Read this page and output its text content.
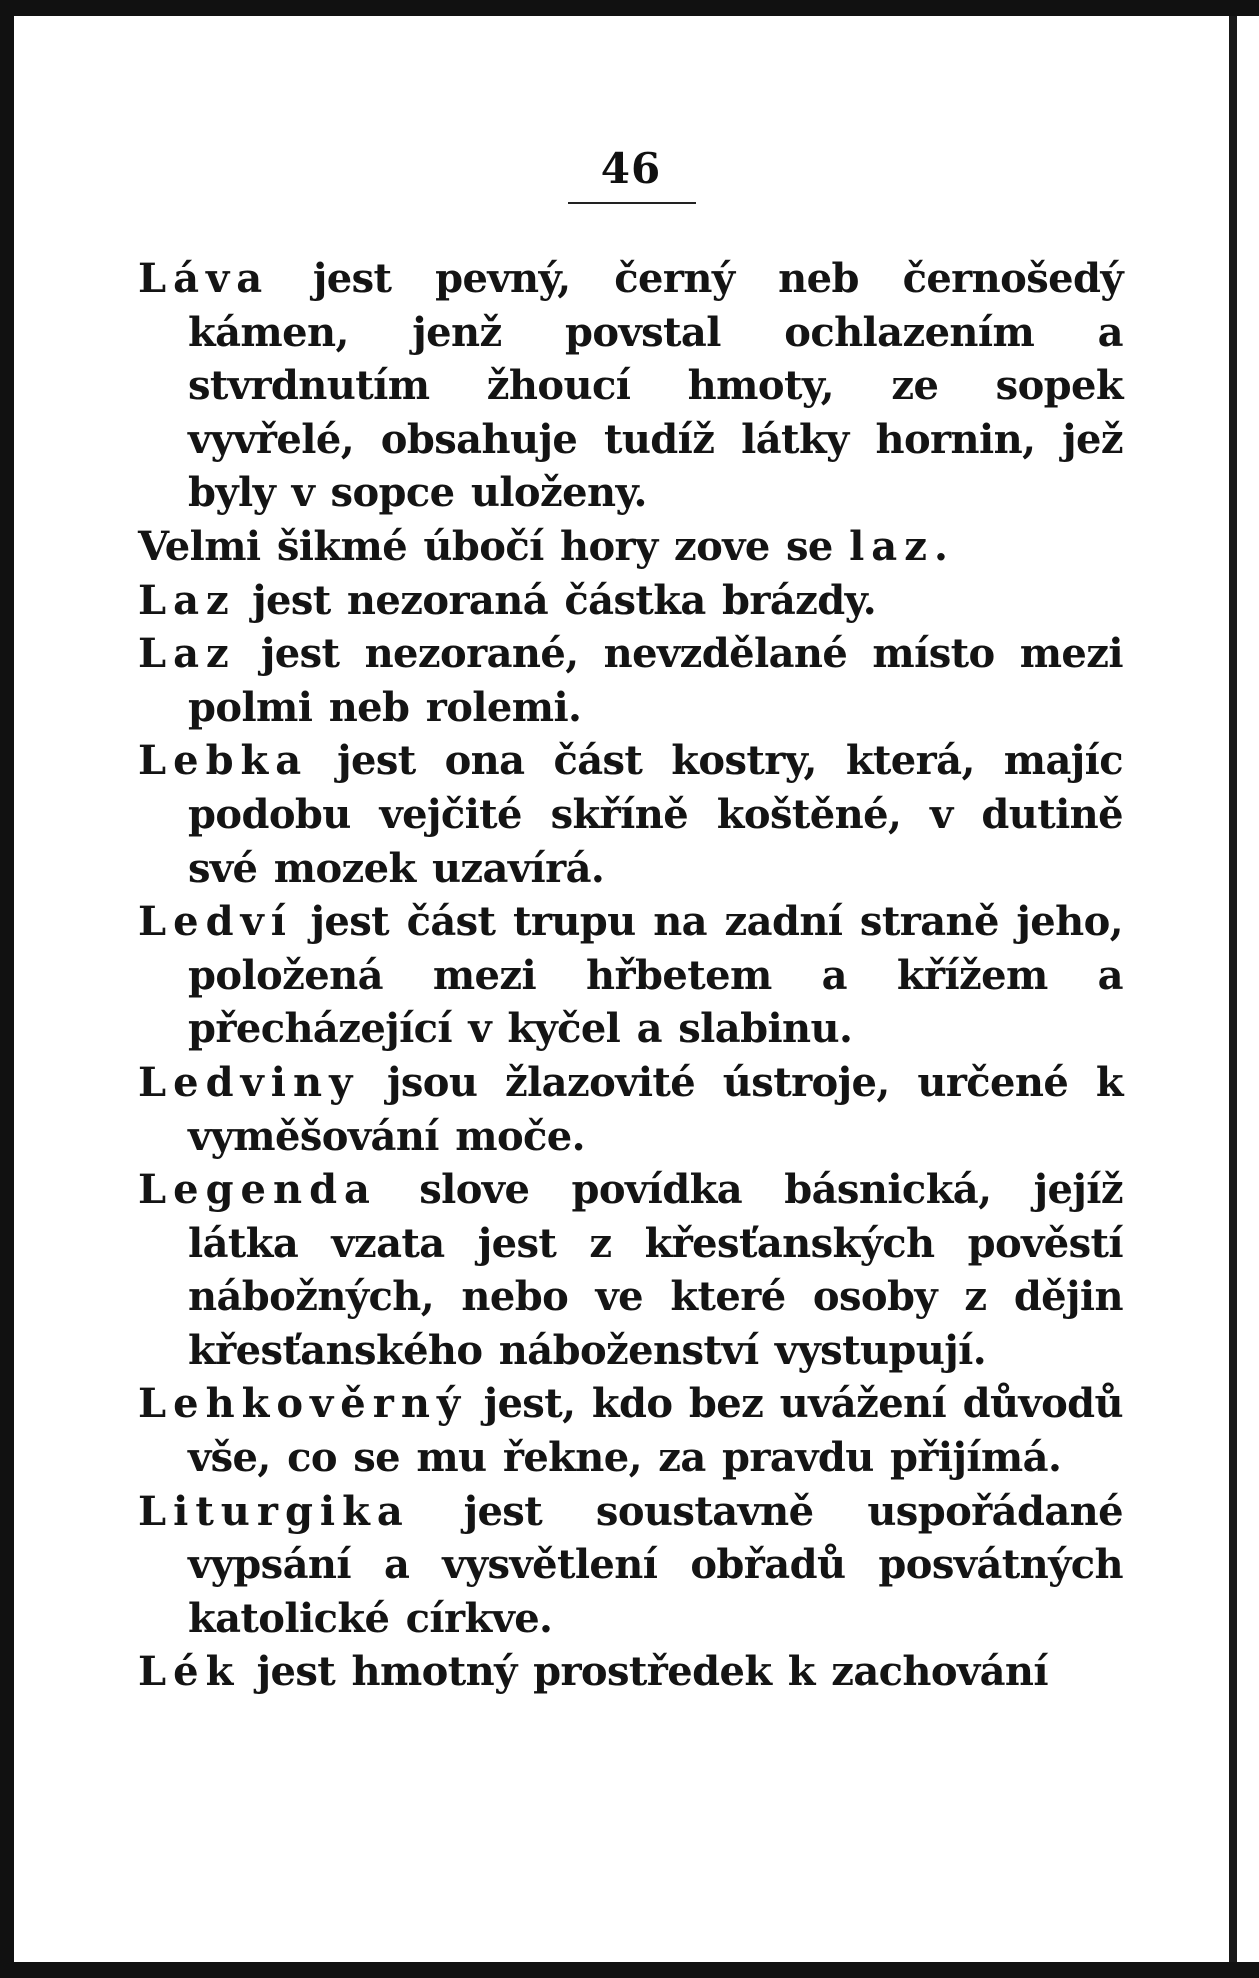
46

Láva jest pevný, černý neb černošedý kámen, jenž povstal ochlazením a stvrdnutím žhoucí hmoty, ze sopek vyvřelé, obsahuje tudíž látky hornin, jež byly v sopce uloženy.

Velmi šikmé úbočí hory zove se laz.

Laz jest nezoraná částka brázdy.

Laz jest nezorané, nevzdělané místo mezi polmi neb rolemi.

Lebka jest ona část kostry, která, majíc podobu vejčité skříně koštěné, v dutině své mozek uzavírá.

Ledví jest část trupu na zadní straně jeho, položená mezi hřbetem a křížem a přecházející v kyčel a slabinu.

Ledviny jsou žlazovité ústroje, určené k vyměšování moče.

Legenda slove povídka básnická, jejíž látka vzata jest z křesťanských pověstí nábožných, nebo ve které osoby z dějin křesťanského náboženství vystupují.

Lehkověrný jest, kdo bez uvážení důvodů vše, co se mu řekne, za pravdu přijímá.

Liturgika jest soustavně uspořádané vypsání a vysvětlení obřadů posvátných katolické církve.

Lék jest hmotný prostředek k zachování
